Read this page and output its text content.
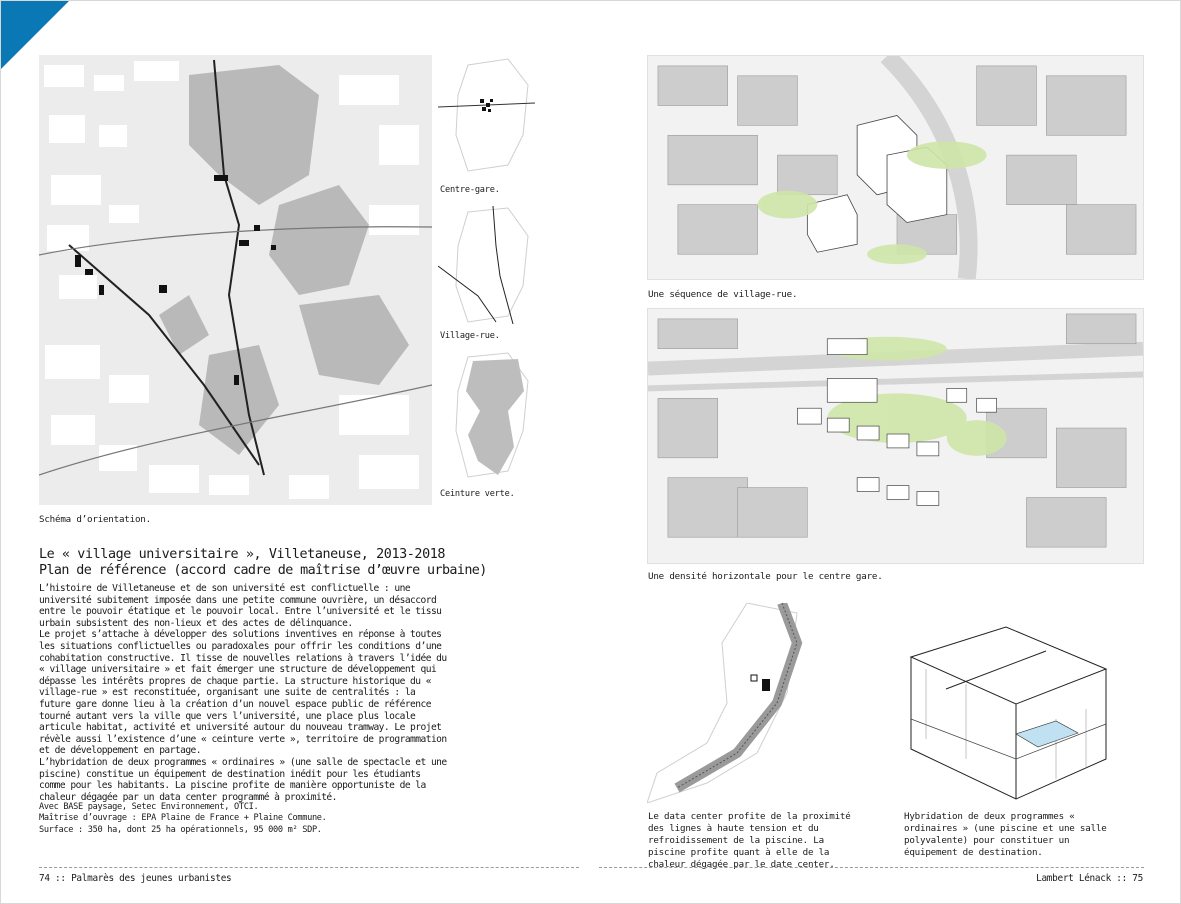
Centre-gare.
Village-rue.
Ceinture verte.
Schéma d’orientation.
Le « village universitaire », Villetaneuse, 2013-2018
Plan de référence (accord cadre de maîtrise d’œuvre urbaine)

L’histoire de Villetaneuse et de son université est conflictuelle : une université subitement imposée dans une petite commune ouvrière, un désaccord entre le pouvoir étatique et le pouvoir local. Entre l’université et le tissu urbain subsistent des non-lieux et des actes de délinquance.

Le projet s’attache à développer des solutions inventives en réponse à toutes les situations conflictuelles ou paradoxales pour offrir les conditions d’une cohabitation constructive. Il tisse de nouvelles relations à travers l’idée du « village universitaire » et fait émerger une structure de développement qui dépasse les intérêts propres de chaque partie. La structure historique du « village-rue » est reconstituée, organisant une suite de centralités : la future gare donne lieu à la création d’un nouvel espace public de référence tourné autant vers la ville que vers l’université, une place plus locale articule habitat, activité et université autour du nouveau tramway. Le projet révèle aussi l’existence d’une « ceinture verte », territoire de programmation et de développement en partage.

L’hybridation de deux programmes « ordinaires » (une salle de spectacle et une piscine) constitue un équipement de destination inédit pour les étudiants comme pour les habitants. La piscine profite de manière opportuniste de la chaleur dégagée par un data center programmé à proximité.

Avec BASE paysage, Setec Environnement, OTCI.
Maîtrise d’ouvrage : EPA Plaine de France + Plaine Commune.
Surface : 350 ha, dont 25 ha opérationnels, 95 000 m² SDP.
74 :: Palmarès des jeunes urbanistes
Une séquence de village-rue.
Une densité horizontale pour le centre gare.
Le data center profite de la proximité des lignes à haute tension et du refroidissement de la piscine. La piscine profite quant à elle de la chaleur dégagée par le date center.
Hybridation de deux programmes « ordinaires » (une piscine et une salle polyvalente) pour constituer un équipement de destination.
Lambert Lénack :: 75
